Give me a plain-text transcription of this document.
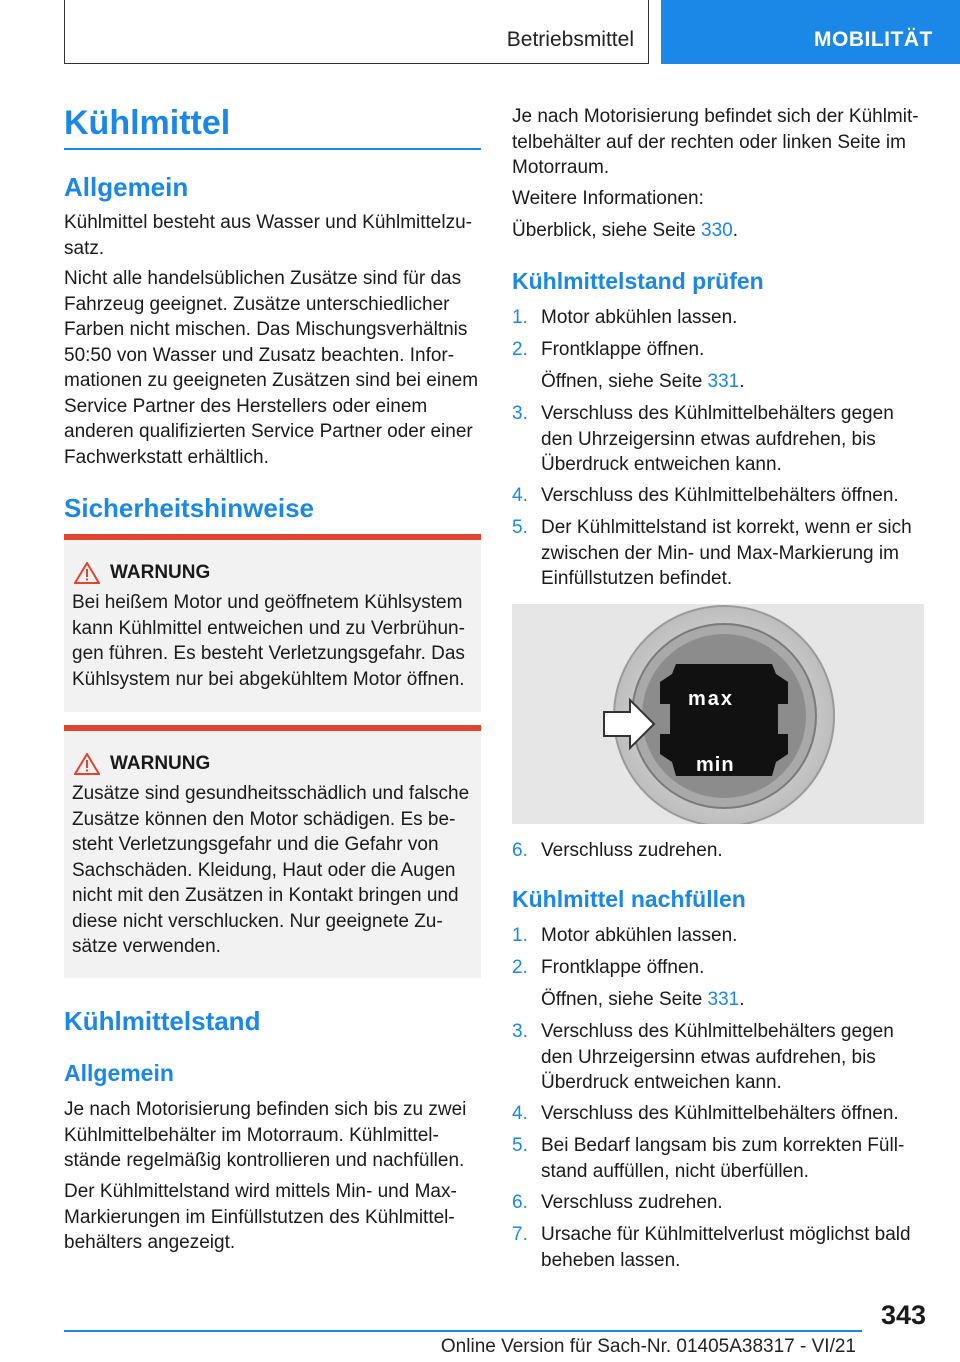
Betriebsmittel	MOBILITÄT
Kühlmittel
Allgemein
Kühlmittel besteht aus Wasser und Kühlmittelzusatz.
Nicht alle handelsüblichen Zusätze sind für das Fahrzeug geeignet. Zusätze unterschiedlicher Farben nicht mischen. Das Mischungsverhältnis 50:50 von Wasser und Zusatz beachten. Informationen zu geeigneten Zusätzen sind bei einem Service Partner des Herstellers oder einem anderen qualifizierten Service Partner oder einer Fachwerkstatt erhältlich.
Sicherheitshinweise
WARNUNG
Bei heißem Motor und geöffnetem Kühlsystem kann Kühlmittel entweichen und zu Verbrühungen führen. Es besteht Verletzungsgefahr. Das Kühlsystem nur bei abgekühltem Motor öffnen.
WARNUNG
Zusätze sind gesundheitsschädlich und falsche Zusätze können den Motor schädigen. Es besteht Verletzungsgefahr und die Gefahr von Sachschäden. Kleidung, Haut oder die Augen nicht mit den Zusätzen in Kontakt bringen und diese nicht verschlucken. Nur geeignete Zusätze verwenden.
Kühlmittelstand
Allgemein
Je nach Motorisierung befinden sich bis zu zwei Kühlmittelbehälter im Motorraum. Kühlmittelstände regelmäßig kontrollieren und nachfüllen.
Der Kühlmittelstand wird mittels Min- und Max-Markierungen im Einfüllstutzen des Kühlmittelbehälters angezeigt.
Je nach Motorisierung befindet sich der Kühlmittelbehälter auf der rechten oder linken Seite im Motorraum.
Weitere Informationen:
Überblick, siehe Seite 330.
Kühlmittelstand prüfen
1. Motor abkühlen lassen.
2. Frontklappe öffnen.
Öffnen, siehe Seite 331.
3. Verschluss des Kühlmittelbehälters gegen den Uhrzeigersinn etwas aufdrehen, bis Überdruck entweichen kann.
4. Verschluss des Kühlmittelbehälters öffnen.
5. Der Kühlmittelstand ist korrekt, wenn er sich zwischen der Min- und Max-Markierung im Einfüllstutzen befindet.
max
min
6. Verschluss zudrehen.
Kühlmittel nachfüllen
1. Motor abkühlen lassen.
2. Frontklappe öffnen.
Öffnen, siehe Seite 331.
3. Verschluss des Kühlmittelbehälters gegen den Uhrzeigersinn etwas aufdrehen, bis Überdruck entweichen kann.
4. Verschluss des Kühlmittelbehälters öffnen.
5. Bei Bedarf langsam bis zum korrekten Füllstand auffüllen, nicht überfüllen.
6. Verschluss zudrehen.
7. Ursache für Kühlmittelverlust möglichst bald beheben lassen.
343
Online Version für Sach-Nr. 01405A38317 - VI/21
